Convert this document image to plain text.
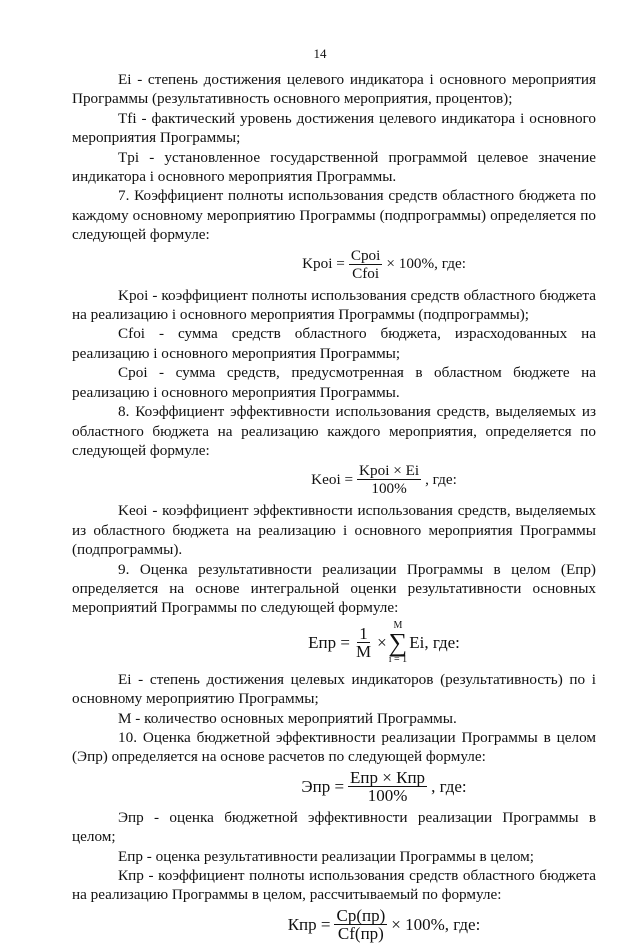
14

Ei - степень достижения целевого индикатора i основного мероприятия Программы (результативность основного мероприятия, процентов);

Tfi - фактический уровень достижения целевого индикатора i основного мероприятия Программы;

Tpi - установленное государственной программой целевое значение индикатора i основного мероприятия Программы.

7. Коэффициент полноты использования средств областного бюджета по каждому основному мероприятию Программы (подпрограммы) определяется по следующей формуле:

Kpoi = $\frac{\text{Cpoi}}{\text{Cfoi}} \times 100\%$, где:

Kpoi - коэффициент полноты использования средств областного бюджета на реализацию i основного мероприятия Программы (подпрограммы);

Cfoi - сумма средств областного бюджета, израсходованных на реализацию i основного мероприятия Программы;

Cpoi - сумма средств, предусмотренная в областном бюджете на реализацию i основного мероприятия Программы.

8. Коэффициент эффективности использования средств, выделяемых из областного бюджета на реализацию каждого мероприятия, определяется по следующей формуле:

Keoi = $\frac{\text{Kpoi × Ei}}{100\%}$ , где:

Keoi - коэффициент эффективности использования средств, выделяемых из областного бюджета на реализацию i основного мероприятия Программы (подпрограммы).

9. Оценка результативности реализации Программы в целом (Епр) определяется на основе интегральной оценки результативности основных мероприятий Программы по следующей формуле:

Епр = $\frac{1}{M}$ ×
M
∑
i = 1
Ei , где:

Ei - степень достижения целевых индикаторов (результативность) по i основному мероприятию Программы;

M - количество основных мероприятий Программы.

10. Оценка бюджетной эффективности реализации Программы в целом (Эпр) определяется на основе расчетов по следующей формуле:

Эпр = $\frac{\text{Епр × Кпр}}{100\%}$ , где:

Эпр - оценка бюджетной эффективности реализации Программы в целом;

Епр - оценка результативности реализации Программы в целом;

Кпр - коэффициент полноты использования средств областного бюджета на реализацию Программы в целом, рассчитываемый по формуле:

Кпр = $\frac{Ср(пр)}{Cf(пр)} \times 100\%$, где:
